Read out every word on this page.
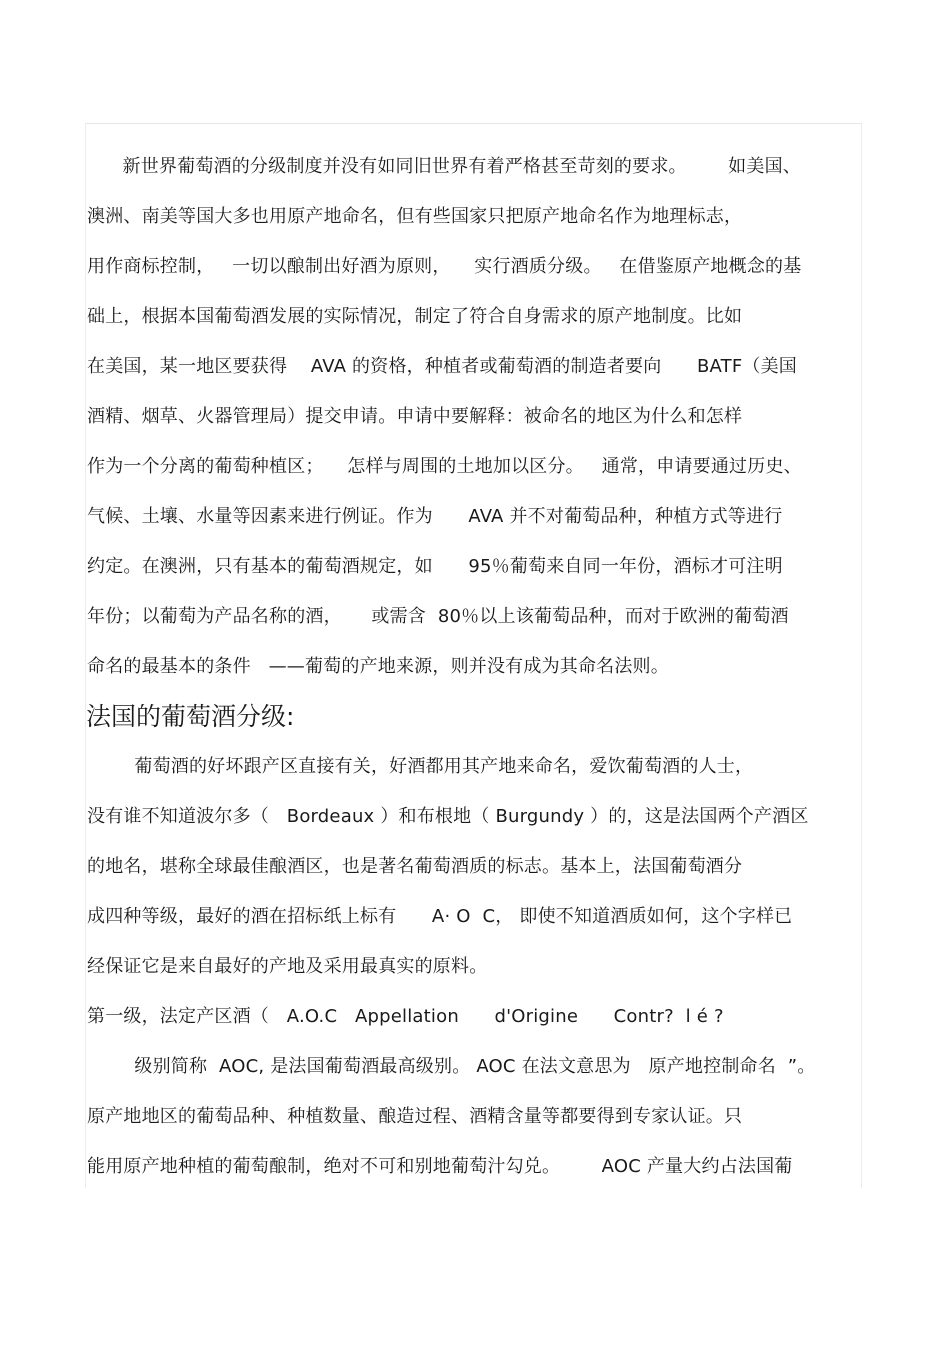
新世界葡萄酒的分级制度并没有如同旧世界有着严格甚至苛刻的要求。       如美国、
澳洲、南美等国大多也用原产地命名，但有些国家只把原产地命名作为地理标志，
用作商标控制，   一切以酿制出好酒为原则，    实行酒质分级。   在借鉴原产地概念的基
础上，根据本国葡萄酒发展的实际情况，制定了符合自身需求的原产地制度。比如
在美国，某一地区要获得    AVA 的资格，种植者或葡萄酒的制造者要向      BATF（美国
酒精、烟草、火器管理局）提交申请。申请中要解释：被命名的地区为什么和怎样
作为一个分离的葡萄种植区；    怎样与周围的土地加以区分。   通常，申请要通过历史、
气候、土壤、水量等因素来进行例证。作为      AVA 并不对葡萄品种，种植方式等进行
约定。在澳洲，只有基本的葡萄酒规定，如      95％葡萄来自同一年份，酒标才可注明
年份；以葡萄为产品名称的酒，     或需含  80％以上该葡萄品种，而对于欧洲的葡萄酒
命名的最基本的条件   ——葡萄的产地来源，则并没有成为其命名法则。
法国的葡萄酒分级:
葡萄酒的好坏跟产区直接有关，好酒都用其产地来命名，爱饮葡萄酒的人士，
没有谁不知道波尔多（   Bordeaux ）和布根地（ Burgundy ）的，这是法国两个产酒区
的地名，堪称全球最佳酿酒区，也是著名葡萄酒质的标志。基本上，法国葡萄酒分
成四种等级，最好的酒在招标纸上标有      A· O  C， 即使不知道酒质如何，这个字样已
经保证它是来自最好的产地及采用最真实的原料。
第一级，法定产区酒（   A.O.C   Appellation      d'Origine      Contr?  l é ?
级别简称  AOC, 是法国葡萄酒最高级别。 AOC 在法文意思为   原产地控制命名  ”。
原产地地区的葡萄品种、种植数量、酿造过程、酒精含量等都要得到专家认证。只
能用原产地种植的葡萄酿制，绝对不可和别地葡萄汁勾兑。       AOC 产量大约占法国葡
